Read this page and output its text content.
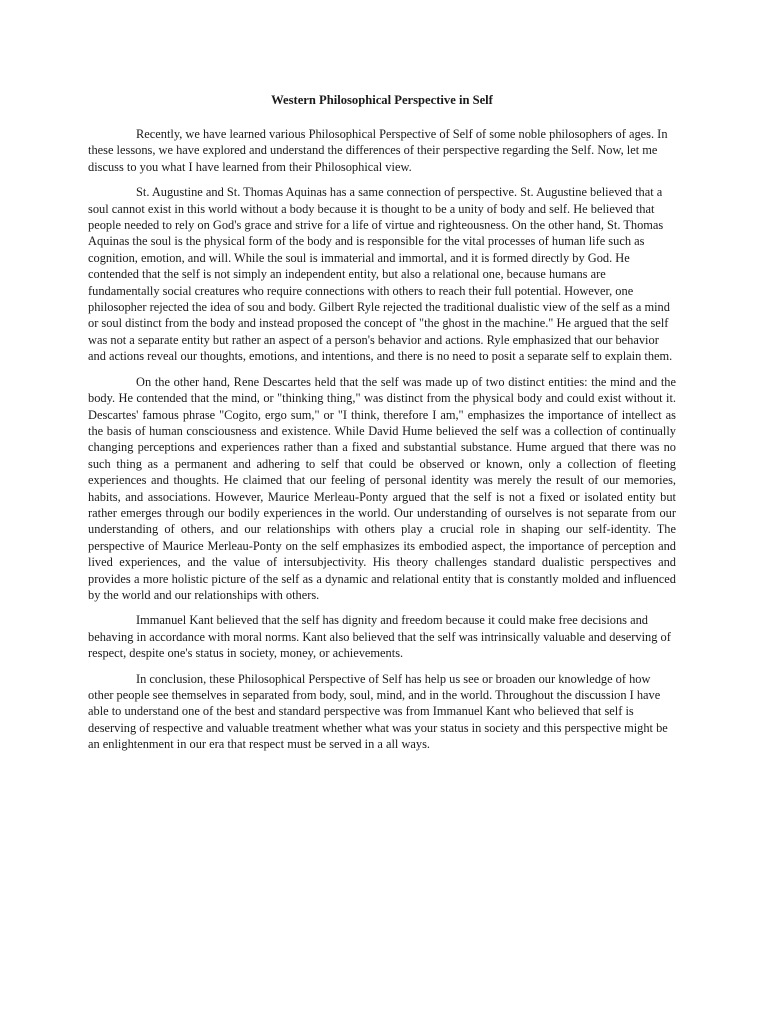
Western Philosophical Perspective in Self

Recently, we have learned various Philosophical Perspective of Self of some noble philosophers of ages. In these lessons, we have explored and understand the differences of their perspective regarding the Self. Now, let me discuss to you what I have learned from their Philosophical view.

St. Augustine and St. Thomas Aquinas has a same connection of perspective. St. Augustine believed that a soul cannot exist in this world without a body because it is thought to be a unity of body and self. He believed that people needed to rely on God's grace and strive for a life of virtue and righteousness. On the other hand, St. Thomas Aquinas the soul is the physical form of the body and is responsible for the vital processes of human life such as cognition, emotion, and will. While the soul is immaterial and immortal, and it is formed directly by God. He contended that the self is not simply an independent entity, but also a relational one, because humans are fundamentally social creatures who require connections with others to reach their full potential. However, one philosopher rejected the idea of sou and body. Gilbert Ryle rejected the traditional dualistic view of the self as a mind or soul distinct from the body and instead proposed the concept of "the ghost in the machine." He argued that the self was not a separate entity but rather an aspect of a person's behavior and actions. Ryle emphasized that our behavior and actions reveal our thoughts, emotions, and intentions, and there is no need to posit a separate self to explain them.

On the other hand, Rene Descartes held that the self was made up of two distinct entities: the mind and the body. He contended that the mind, or "thinking thing," was distinct from the physical body and could exist without it. Descartes' famous phrase "Cogito, ergo sum," or "I think, therefore I am," emphasizes the importance of intellect as the basis of human consciousness and existence. While David Hume believed the self was a collection of continually changing perceptions and experiences rather than a fixed and substantial substance. Hume argued that there was no such thing as a permanent and adhering to self that could be observed or known, only a collection of fleeting experiences and thoughts. He claimed that our feeling of personal identity was merely the result of our memories, habits, and associations. However, Maurice Merleau-Ponty argued that the self is not a fixed or isolated entity but rather emerges through our bodily experiences in the world. Our understanding of ourselves is not separate from our understanding of others, and our relationships with others play a crucial role in shaping our self-identity. The perspective of Maurice Merleau-Ponty on the self emphasizes its embodied aspect, the importance of perception and lived experiences, and the value of intersubjectivity. His theory challenges standard dualistic perspectives and provides a more holistic picture of the self as a dynamic and relational entity that is constantly molded and influenced by the world and our relationships with others.

Immanuel Kant believed that the self has dignity and freedom because it could make free decisions and behaving in accordance with moral norms. Kant also believed that the self was intrinsically valuable and deserving of respect, despite one's status in society, money, or achievements.

In conclusion, these Philosophical Perspective of Self has help us see or broaden our knowledge of how other people see themselves in separated from body, soul, mind, and in the world. Throughout the discussion I have able to understand one of the best and standard perspective was from Immanuel Kant who believed that self is deserving of respective and valuable treatment whether what was your status in society and this perspective might be an enlightenment in our era that respect must be served in a all ways.
